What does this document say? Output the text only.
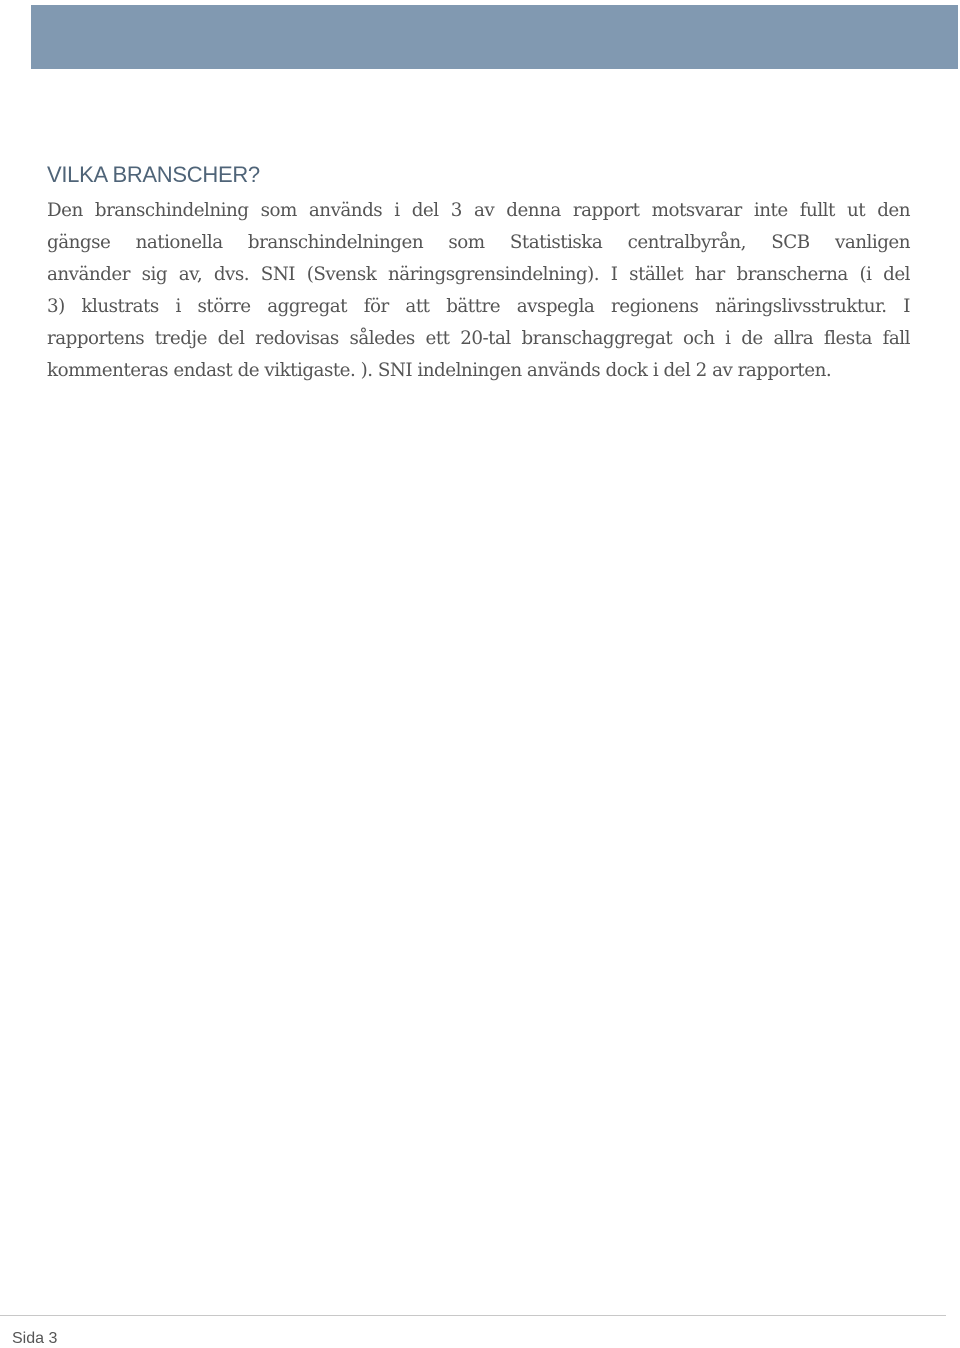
VILKA BRANSCHER?
Den branschindelning som används i del 3 av denna rapport motsvarar inte fullt ut den
gängse nationella branschindelningen som Statistiska centralbyrån, SCB vanligen
använder sig av, dvs. SNI (Svensk näringsgrensindelning). I stället har branscherna (i del
3) klustrats i större aggregat för att bättre avspegla regionens näringslivsstruktur. I
rapportens tredje del redovisas således ett 20-tal branschaggregat och i de allra flesta fall
kommenteras endast de viktigaste. ). SNI indelningen används dock i del 2 av rapporten.
Sida 3
